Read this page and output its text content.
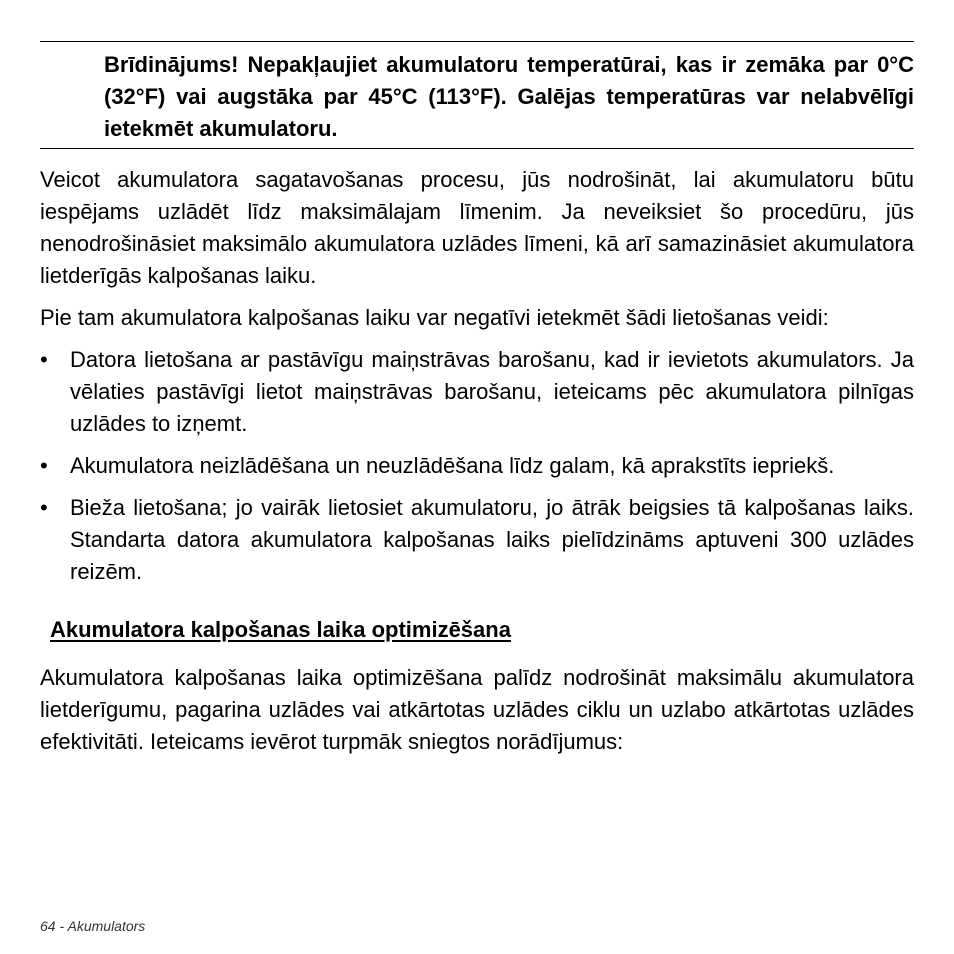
Brīdinājums! Nepakļaujiet akumulatoru temperatūrai, kas ir zemāka par 0°C (32°F) vai augstāka par 45°C (113°F). Galējas temperatūras var nelabvēlīgi ietekmēt akumulatoru.

Veicot akumulatora sagatavošanas procesu, jūs nodrošināt, lai akumulatoru būtu iespējams uzlādēt līdz maksimālajam līmenim. Ja neveiksiet šo procedūru, jūs nenodrošināsiet maksimālo akumulatora uzlādes līmeni, kā arī samazināsiet akumulatora lietderīgās kalpošanas laiku.

Pie tam akumulatora kalpošanas laiku var negatīvi ietekmēt šādi lietošanas veidi:

• Datora lietošana ar pastāvīgu maiņstrāvas barošanu, kad ir ievietots akumulators. Ja vēlaties pastāvīgi lietot maiņstrāvas barošanu, ieteicams pēc akumulatora pilnīgas uzlādes to izņemt.
• Akumulatora neizlādēšana un neuzlādēšana līdz galam, kā aprakstīts iepriekš.
• Bieža lietošana; jo vairāk lietosiet akumulatoru, jo ātrāk beigsies tā kalpošanas laiks. Standarta datora akumulatora kalpošanas laiks pielīdzināms aptuveni 300 uzlādes reizēm.
Akumulatora kalpošanas laika optimizēšana

Akumulatora kalpošanas laika optimizēšana palīdz nodrošināt maksimālu akumulatora lietderīgumu, pagarina uzlādes vai atkārtotas uzlādes ciklu un uzlabo atkārtotas uzlādes efektivitāti. Ieteicams ievērot turpmāk sniegtos norādījumus:

64 - Akumulators
